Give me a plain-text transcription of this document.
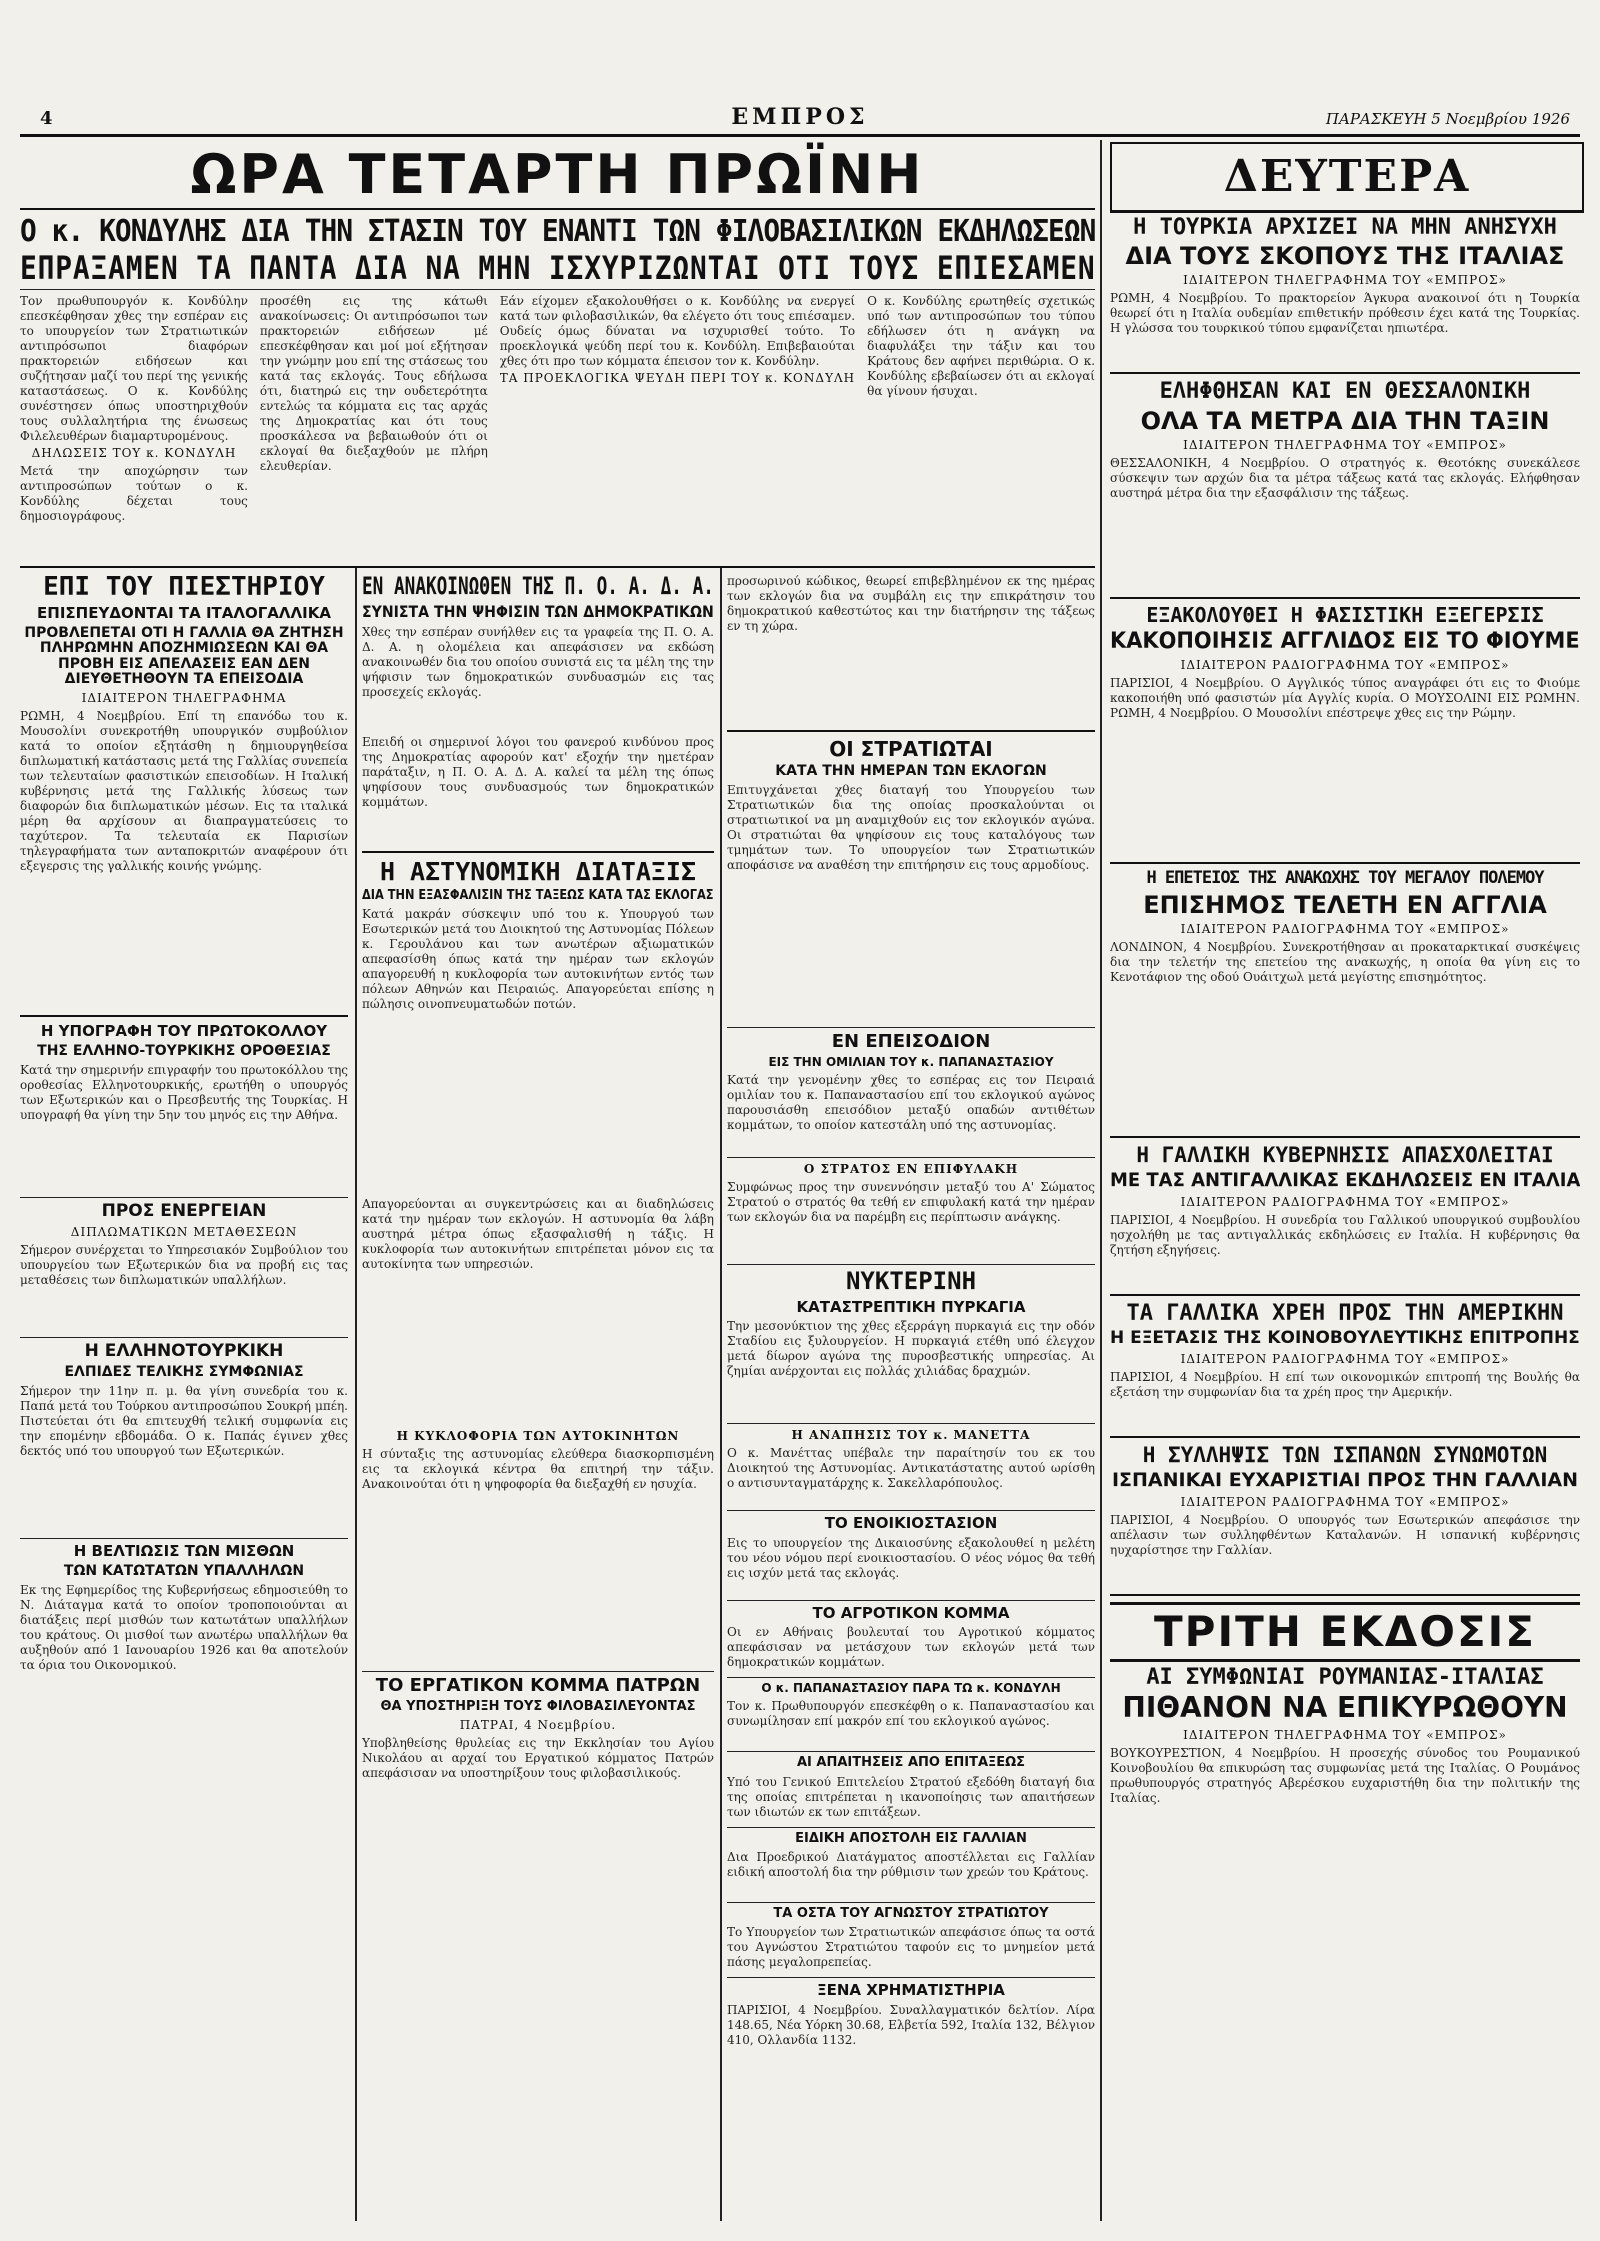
4	ΕΜΠΡΟΣ	ΠΑΡΑΣΚΕΥΗ 5 Νοεμβρίου 1926
ΩΡΑ ΤΕΤΑΡΤΗ ΠΡΩΪΝΗ	ΔΕΥΤΕΡΑ
Ο κ. ΚΟΝΔΥΛΗΣ ΔΙΑ ΤΗΝ ΣΤΑΣΙΝ ΤΟΥ ΕΝΑΝΤΙ ΤΩΝ ΦΙΛΟΒΑΣΙΛΙΚΩΝ ΕΚΔΗΛΩΣΕΩΝ
ΕΠΡΑΞΑΜΕΝ ΤΑ ΠΑΝΤΑ ΔΙΑ ΝΑ ΜΗΝ ΙΣΧΥΡΙΖΩΝΤΑΙ ΟΤΙ ΤΟΥΣ ΕΠΙΕΣΑΜΕΝ
Τον πρωθυπουργόν κ. Κονδύλην επεσκέφθησαν χθες την εσπέραν εις το υπουργείον των Στρατιωτικών αντιπρόσωποι διαφόρων πρακτορειών ειδήσεων και συζήτησαν μαζί του περί της γενικής καταστάσεως. Ο κ. Κονδύλης συνέστησεν όπως υποστηριχθούν τους συλλαλητήρια της ένωσεως Φιλελευθέρων διαμαρτυρομένους.
ΔΗΛΩΣΕΙΣ ΤΟΥ κ. ΚΟΝΔΥΛΗ
Μετά την αποχώρησιν των αντιπροσώπων τούτων ο κ. Κονδύλης δέχεται τους δημοσιογράφους.
προσέθη εις της κάτωθι ανακοίνωσεις: Οι αντιπρόσωποι των πρακτορειών ειδήσεων μέ επεσκέφθησαν και μοί μοί εξήτησαν την γνώμην μου επί της στάσεως του κατά τας εκλογάς. Τους εδήλωσα ότι, διατηρώ εις την ουδετερότητα εντελώς τα κόμματα εις τας αρχάς της Δημοκρατίας και ότι τους προσκάλεσα να βεβαιωθούν ότι οι εκλογαί θα διεξαχθούν με πλήρη ελευθερίαν.
Εάν είχομεν εξακολουθήσει ο κ. Κονδύλης να ενεργεί κατά των φιλοβασιλικών, θα ελέγετο ότι τους επιέσαμεν. Ουδείς όμως δύναται να ισχυρισθεί τούτο. Το προεκλογικά ψεύδη περί του κ. Κονδύλη. Επιβεβαιούται χθες ότι προ των κόμματα έπεισον τον κ. Κονδύλην.
ΤΑ ΠΡΟΕΚΛΟΓΙΚΑ ΨΕΥΔΗ ΠΕΡΙ ΤΟΥ κ. ΚΟΝΔΥΛΗ
Ο κ. Κονδύλης ερωτηθείς σχετικώς υπό των αντιπροσώπων του τύπου εδήλωσεν ότι η ανάγκη να διαφυλάξει την τάξιν και του Κράτους δεν αφήνει περιθώρια. Ο κ. Κονδύλης εβεβαίωσεν ότι αι εκλογαί θα γίνουν ήσυχαι.
ΕΠΙ ΤΟΥ ΠΙΕΣΤΗΡΙΟΥ
ΕΠΙΣΠΕΥΔΟΝΤΑΙ ΤΑ ΙΤΑΛΟΓΑΛΛΙΚΑ
ΠΡΟΒΛΕΠΕΤΑΙ ΟΤΙ Η ΓΑΛΛΙΑ ΘΑ ΖΗΤΗΣΗ ΠΛΗΡΩΜΗΝ ΑΠΟΖΗΜΙΩΣΕΩΝ ΚΑΙ ΘΑ ΠΡΟΒΗ ΕΙΣ ΑΠΕΛΑΣΕΙΣ ΕΑΝ ΔΕΝ ΔΙΕΥΘΕΤΗΘΟΥΝ ΤΑ ΕΠΕΙΣΟΔΙΑ
ΙΔΙΑΙΤΕΡΟΝ ΤΗΛΕΓΡΑΦΗΜΑ
ΡΩΜΗ, 4 Νοεμβρίου. Επί τη επανόδω του κ. Μουσολίνι συνεκροτήθη υπουργικόν συμβούλιον κατά το οποίον εξητάσθη η δημιουργηθείσα διπλωματική κατάστασις μετά της Γαλλίας συνεπεία των τελευταίων φασιστικών επεισοδίων. Η Ιταλική κυβέρνησις μετά της Γαλλικής λύσεως των διαφορών δια διπλωματικών μέσων. Εις τα ιταλικά μέρη θα αρχίσουν αι διαπραγματεύσεις το ταχύτερον. Τα τελευταία εκ Παρισίων τηλεγραφήματα των ανταποκριτών αναφέρουν ότι εξεγερσις της γαλλικής κοινής γνώμης.
Η ΥΠΟΓΡΑΦΗ ΤΟΥ ΠΡΩΤΟΚΟΛΛΟΥ
ΤΗΣ ΕΛΛΗΝΟ-ΤΟΥΡΚΙΚΗΣ ΟΡΟΘΕΣΙΑΣ
Κατά την σημερινήν επιγραφήν του πρωτοκόλλου της οροθεσίας Ελληνοτουρκικής, ερωτήθη ο υπουργός των Εξωτερικών και ο Πρεσβευτής της Τουρκίας. Η υπογραφή θα γίνη την 5ην του μηνός εις την Αθήνα.
ΠΡΟΣ ΕΝΕΡΓΕΙΑΝ
ΔΙΠΛΩΜΑΤΙΚΩΝ ΜΕΤΑΘΕΣΕΩΝ
Σήμερον συνέρχεται το Υπηρεσιακόν Συμβούλιον του υπουργείου των Εξωτερικών δια να προβή εις τας μεταθέσεις των διπλωματικών υπαλλήλων.
Η ΕΛΛΗΝΟΤΟΥΡΚΙΚΗ
ΕΛΠΙΔΕΣ ΤΕΛΙΚΗΣ ΣΥΜΦΩΝΙΑΣ
Σήμερον την 11ην π. μ. θα γίνη συνεδρία του κ. Παπά μετά του Τούρκου αντιπροσώπου Σουκρή μπέη. Πιστεύεται ότι θα επιτευχθή τελική συμφωνία εις την επομένην εβδομάδα. Ο κ. Παπάς έγινεν χθες δεκτός υπό του υπουργού των Εξωτερικών.
Η ΒΕΛΤΙΩΣΙΣ ΤΩΝ ΜΙΣΘΩΝ
ΤΩΝ ΚΑΤΩΤΑΤΩΝ ΥΠΑΛΛΗΛΩΝ
Εκ της Εφημερίδος της Κυβερνήσεως εδημοσιεύθη το Ν. Διάταγμα κατά το οποίον τροποποιούνται αι διατάξεις περί μισθών των κατωτάτων υπαλλήλων του κράτους. Οι μισθοί των ανωτέρω υπαλλήλων θα αυξηθούν από 1 Ιανουαρίου 1926 και θα αποτελούν τα όρια του Οικονομικού.
ΕΝ ΑΝΑΚΟΙΝΩΘΕΝ ΤΗΣ Π. Ο. Α. Δ. Α.
ΣΥΝΙΣΤΑ ΤΗΝ ΨΗΦΙΣΙΝ ΤΩΝ ΔΗΜΟΚΡΑΤΙΚΩΝ
Χθες την εσπέραν συνήλθεν εις τα γραφεία της Π. Ο. Α. Δ. Α. η ολομέλεια και απεφάσισεν να εκδώση ανακοινωθέν δια του οποίου συνιστά εις τα μέλη της την ψήφισιν των δημοκρατικών συνδυασμών εις τας προσεχείς εκλογάς.
Επειδή οι σημερινοί λόγοι του φανερού κινδύνου προς της Δημοκρατίας αφορούν κατ' εξοχήν την ημετέραν παράταξιν, η Π. Ο. Α. Δ. Α. καλεί τα μέλη της όπως ψηφίσουν τους συνδυασμούς των δημοκρατικών κομμάτων.
Η ΑΣΤΥΝΟΜΙΚΗ ΔΙΑΤΑΞΙΣ
ΔΙΑ ΤΗΝ ΕΞΑΣΦΑΛΙΣΙΝ ΤΗΣ ΤΑΞΕΩΣ ΚΑΤΑ ΤΑΣ ΕΚΛΟΓΑΣ
Κατά μακράν σύσκεψιν υπό του κ. Υπουργού των Εσωτερικών μετά του Διοικητού της Αστυνομίας Πόλεων κ. Γερουλάνου και των ανωτέρων αξιωματικών απεφασίσθη όπως κατά την ημέραν των εκλογών απαγορευθή η κυκλοφορία των αυτοκινήτων εντός των πόλεων Αθηνών και Πειραιώς. Απαγορεύεται επίσης η πώλησις οινοπνευματωδών ποτών.
Απαγορεύονται αι συγκεντρώσεις και αι διαδηλώσεις κατά την ημέραν των εκλογών. Η αστυνομία θα λάβη αυστηρά μέτρα όπως εξασφαλισθή η τάξις. Η κυκλοφορία των αυτοκινήτων επιτρέπεται μόνον εις τα αυτοκίνητα των υπηρεσιών.
Η ΚΥΚΛΟΦΟΡΙΑ ΤΩΝ ΑΥΤΟΚΙΝΗΤΩΝ
Η σύνταξις της αστυνομίας ελεύθερα διασκορπισμένη εις τα εκλογικά κέντρα θα επιτηρή την τάξιν. Ανακοινούται ότι η ψηφοφορία θα διεξαχθή εν ησυχία.
ΤΟ ΕΡΓΑΤΙΚΟΝ ΚΟΜΜΑ ΠΑΤΡΩΝ
ΘΑ ΥΠΟΣΤΗΡΙΞΗ ΤΟΥΣ ΦΙΛΟΒΑΣΙΛΕΥΟΝΤΑΣ
ΠΑΤΡΑΙ, 4 Νοεμβρίου.
Υποβληθείσης θρυλείας εις την Εκκλησίαν του Αγίου Νικολάου αι αρχαί του Εργατικού κόμματος Πατρών απεφάσισαν να υποστηρίξουν τους φιλοβασιλικούς.
προσωρινού κώδικος, θεωρεί επιβεβλημένον εκ της ημέρας των εκλογών δια να συμβάλη εις την επικράτησιν του δημοκρατικού καθεστώτος και την διατήρησιν της τάξεως εν τη χώρα.
ΟΙ ΣΤΡΑΤΙΩΤΑΙ
ΚΑΤΑ ΤΗΝ ΗΜΕΡΑΝ ΤΩΝ ΕΚΛΟΓΩΝ
Επιτυγχάνεται χθες διαταγή του Υπουργείου των Στρατιωτικών δια της οποίας προσκαλούνται οι στρατιωτικοί να μη αναμιχθούν εις τον εκλογικόν αγώνα. Οι στρατιώται θα ψηφίσουν εις τους καταλόγους των τμημάτων των. Το υπουργείον των Στρατιωτικών αποφάσισε να αναθέση την επιτήρησιν εις τους αρμοδίους.
ΕΝ ΕΠΕΙΣΟΔΙΟΝ
ΕΙΣ ΤΗΝ ΟΜΙΛΙΑΝ ΤΟΥ κ. ΠΑΠΑΝΑΣΤΑΣΙΟΥ
Κατά την γενομένην χθες το εσπέρας εις τον Πειραιά ομιλίαν του κ. Παπαναστασίου επί του εκλογικού αγώνος παρουσιάσθη επεισόδιον μεταξύ οπαδών αντιθέτων κομμάτων, το οποίον κατεστάλη υπό της αστυνομίας.
Ο ΣΤΡΑΤΟΣ ΕΝ ΕΠΙΦΥΛΑΚΗ
Συμφώνως προς την συνεννόησιν μεταξύ του Α' Σώματος Στρατού ο στρατός θα τεθή εν επιφυλακή κατά την ημέραν των εκλογών δια να παρέμβη εις περίπτωσιν ανάγκης.
ΝΥΚΤΕΡΙΝΗ
ΚΑΤΑΣΤΡΕΠΤΙΚΗ ΠΥΡΚΑΓΙΑ
Την μεσονύκτιον της χθες εξερράγη πυρκαγιά εις την οδόν Σταδίου εις ξυλουργείον. Η πυρκαγιά ετέθη υπό έλεγχον μετά δίωρον αγώνα της πυροσβεστικής υπηρεσίας. Αι ζημίαι ανέρχονται εις πολλάς χιλιάδας δραχμών.
Η ΑΝΑΠΗΣΙΣ ΤΟΥ κ. ΜΑΝΕΤΤΑ
Ο κ. Μανέττας υπέβαλε την παραίτησίν του εκ του Διοικητού της Αστυνομίας. Αντικατάστατης αυτού ωρίσθη ο αντισυνταγματάρχης κ. Σακελλαρόπουλος.
ΤΟ ΕΝΟΙΚΙΟΣΤΑΣΙΟΝ
Εις το υπουργείον της Δικαιοσύνης εξακολουθεί η μελέτη του νέου νόμου περί ενοικιοστασίου. Ο νέος νόμος θα τεθή εις ισχύν μετά τας εκλογάς.
ΤΟ ΑΓΡΟΤΙΚΟΝ ΚΟΜΜΑ
Οι εν Αθήναις βουλευταί του Αγροτικού κόμματος απεφάσισαν να μετάσχουν των εκλογών μετά των δημοκρατικών κομμάτων.
Ο κ. ΠΑΠΑΝΑΣΤΑΣΙΟΥ ΠΑΡΑ ΤΩ κ. ΚΟΝΔΥΛΗ
Τον κ. Πρωθυπουργόν επεσκέφθη ο κ. Παπαναστασίου και συνωμίλησαν επί μακρόν επί του εκλογικού αγώνος.
ΑΙ ΑΠΑΙΤΗΣΕΙΣ ΑΠΟ ΕΠΙΤΑΞΕΩΣ
Υπό του Γενικού Επιτελείου Στρατού εξεδόθη διαταγή δια της οποίας επιτρέπεται η ικανοποίησις των απαιτήσεων των ιδιωτών εκ των επιτάξεων.
ΕΙΔΙΚΗ ΑΠΟΣΤΟΛΗ ΕΙΣ ΓΑΛΛΙΑΝ
Δια Προεδρικού Διατάγματος αποστέλλεται εις Γαλλίαν ειδική αποστολή δια την ρύθμισιν των χρεών του Κράτους.
ΤΑ ΟΣΤΑ ΤΟΥ ΑΓΝΩΣΤΟΥ ΣΤΡΑΤΙΩΤΟΥ
Το Υπουργείον των Στρατιωτικών απεφάσισε όπως τα οστά του Αγνώστου Στρατιώτου ταφούν εις το μνημείον μετά πάσης μεγαλοπρεπείας.
ΞΕΝΑ ΧΡΗΜΑΤΙΣΤΗΡΙΑ
ΠΑΡΙΣΙΟΙ, 4 Νοεμβρίου. Συναλλαγματικόν δελτίον. Λίρα 148.65, Νέα Υόρκη 30.68, Ελβετία 592, Ιταλία 132, Βέλγιον 410, Ολλανδία 1132.
Η ΤΟΥΡΚΙΑ ΑΡΧΙΖΕΙ ΝΑ ΜΗΝ ΑΝΗΣΥΧΗ
ΔΙΑ ΤΟΥΣ ΣΚΟΠΟΥΣ ΤΗΣ ΙΤΑΛΙΑΣ
ΙΔΙΑΙΤΕΡΟΝ ΤΗΛΕΓΡΑΦΗΜΑ ΤΟΥ «ΕΜΠΡΟΣ»
ΡΩΜΗ, 4 Νοεμβρίου. Το πρακτορείον Άγκυρα ανακοινοί ότι η Τουρκία θεωρεί ότι η Ιταλία ουδεμίαν επιθετικήν πρόθεσιν έχει κατά της Τουρκίας. Η γλώσσα του τουρκικού τύπου εμφανίζεται ηπιωτέρα.
ΕΛΗΦΘΗΣΑΝ ΚΑΙ ΕΝ ΘΕΣΣΑΛΟΝΙΚΗ
ΟΛΑ ΤΑ ΜΕΤΡΑ ΔΙΑ ΤΗΝ ΤΑΞΙΝ
ΙΔΙΑΙΤΕΡΟΝ ΤΗΛΕΓΡΑΦΗΜΑ ΤΟΥ «ΕΜΠΡΟΣ»
ΘΕΣΣΑΛΟΝΙΚΗ, 4 Νοεμβρίου. Ο στρατηγός κ. Θεοτόκης συνεκάλεσε σύσκεψιν των αρχών δια τα μέτρα τάξεως κατά τας εκλογάς. Ελήφθησαν αυστηρά μέτρα δια την εξασφάλισιν της τάξεως.
ΕΞΑΚΟΛΟΥΘΕΙ Η ΦΑΣΙΣΤΙΚΗ ΕΞΕΓΕΡΣΙΣ
ΚΑΚΟΠΟΙΗΣΙΣ ΑΓΓΛΙΔΟΣ ΕΙΣ ΤΟ ΦΙΟΥΜΕ
ΙΔΙΑΙΤΕΡΟΝ ΡΑΔΙΟΓΡΑΦΗΜΑ ΤΟΥ «ΕΜΠΡΟΣ»
ΠΑΡΙΣΙΟΙ, 4 Νοεμβρίου. Ο Αγγλικός τύπος αναγράφει ότι εις το Φιούμε κακοποιήθη υπό φασιστών μία Αγγλίς κυρία. Ο ΜΟΥΣΟΛΙΝΙ ΕΙΣ ΡΩΜΗΝ. ΡΩΜΗ, 4 Νοεμβρίου. Ο Μουσολίνι επέστρεψε χθες εις την Ρώμην.
Η ΕΠΕΤΕΙΟΣ ΤΗΣ ΑΝΑΚΩΧΗΣ ΤΟΥ ΜΕΓΑΛΟΥ ΠΟΛΕΜΟΥ
ΕΠΙΣΗΜΟΣ ΤΕΛΕΤΗ ΕΝ ΑΓΓΛΙΑ
ΙΔΙΑΙΤΕΡΟΝ ΡΑΔΙΟΓΡΑΦΗΜΑ ΤΟΥ «ΕΜΠΡΟΣ»
ΛΟΝΔΙΝΟΝ, 4 Νοεμβρίου. Συνεκροτήθησαν αι προκαταρκτικαί συσκέψεις δια την τελετήν της επετείου της ανακωχής, η οποία θα γίνη εις το Κενοτάφιον της οδού Ουάιτχωλ μετά μεγίστης επισημότητος.
Η ΓΑΛΛΙΚΗ ΚΥΒΕΡΝΗΣΙΣ ΑΠΑΣΧΟΛΕΙΤΑΙ
ΜΕ ΤΑΣ ΑΝΤΙΓΑΛΛΙΚΑΣ ΕΚΔΗΛΩΣΕΙΣ ΕΝ ΙΤΑΛΙΑ
ΙΔΙΑΙΤΕΡΟΝ ΡΑΔΙΟΓΡΑΦΗΜΑ ΤΟΥ «ΕΜΠΡΟΣ»
ΠΑΡΙΣΙΟΙ, 4 Νοεμβρίου. Η συνεδρία του Γαλλικού υπουργικού συμβουλίου ησχολήθη με τας αντιγαλλικάς εκδηλώσεις εν Ιταλία. Η κυβέρνησις θα ζητήση εξηγήσεις.
ΤΑ ΓΑΛΛΙΚΑ ΧΡΕΗ ΠΡΟΣ ΤΗΝ ΑΜΕΡΙΚΗΝ
Η ΕΞΕΤΑΣΙΣ ΤΗΣ ΚΟΙΝΟΒΟΥΛΕΥΤΙΚΗΣ ΕΠΙΤΡΟΠΗΣ
ΙΔΙΑΙΤΕΡΟΝ ΡΑΔΙΟΓΡΑΦΗΜΑ ΤΟΥ «ΕΜΠΡΟΣ»
ΠΑΡΙΣΙΟΙ, 4 Νοεμβρίου. Η επί των οικονομικών επιτροπή της Βουλής θα εξετάση την συμφωνίαν δια τα χρέη προς την Αμερικήν.
Η ΣΥΛΛΗΨΙΣ ΤΩΝ ΙΣΠΑΝΩΝ ΣΥΝΩΜΟΤΩΝ
ΙΣΠΑΝΙΚΑΙ ΕΥΧΑΡΙΣΤΙΑΙ ΠΡΟΣ ΤΗΝ ΓΑΛΛΙΑΝ
ΙΔΙΑΙΤΕΡΟΝ ΡΑΔΙΟΓΡΑΦΗΜΑ ΤΟΥ «ΕΜΠΡΟΣ»
ΠΑΡΙΣΙΟΙ, 4 Νοεμβρίου. Ο υπουργός των Εσωτερικών απεφάσισε την απέλασιν των συλληφθέντων Καταλανών. Η ισπανική κυβέρνησις ηυχαρίστησε την Γαλλίαν.
ΤΡΙΤΗ ΕΚΔΟΣΙΣ
ΑΙ ΣΥΜΦΩΝΙΑΙ ΡΟΥΜΑΝΙΑΣ-ΙΤΑΛΙΑΣ
ΠΙΘΑΝΟΝ ΝΑ ΕΠΙΚΥΡΩΘΟΥΝ
ΙΔΙΑΙΤΕΡΟΝ ΤΗΛΕΓΡΑΦΗΜΑ ΤΟΥ «ΕΜΠΡΟΣ»
ΒΟΥΚΟΥΡΕΣΤΙΟΝ, 4 Νοεμβρίου. Η προσεχής σύνοδος του Ρουμανικού Κοινοβουλίου θα επικυρώση τας συμφωνίας μετά της Ιταλίας. Ο Ρουμάνος πρωθυπουργός στρατηγός Αβερέσκου ευχαριστήθη δια την πολιτικήν της Ιταλίας.
